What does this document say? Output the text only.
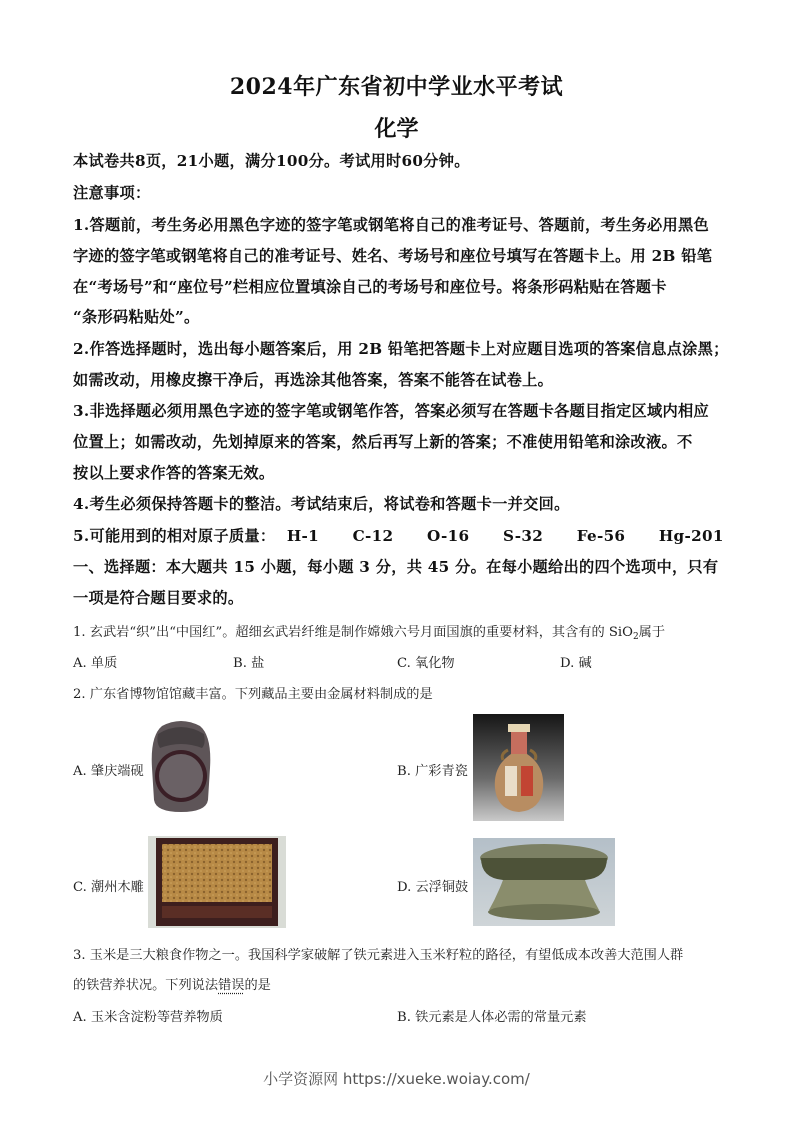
2024年广东省初中学业水平考试
化学
本试卷共8页，21小题，满分100分。考试用时60分钟。
注意事项：
1.答题前，考生务必用黑色字迹的签字笔或钢笔将自己的准考证号、答题前，考生务必用黑色
字迹的签字笔或钢笔将自己的准考证号、姓名、考场号和座位号填写在答题卡上。用 2B 铅笔
在“考场号”和“座位号”栏相应位置填涂自己的考场号和座位号。将条形码粘贴在答题卡
“条形码粘贴处”。
2.作答选择题时，选出每小题答案后，用 2B 铅笔把答题卡上对应题目选项的答案信息点涂黑；
如需改动，用橡皮擦干净后，再选涂其他答案，答案不能答在试卷上。
3.非选择题必须用黑色字迹的签字笔或钢笔作答，答案必须写在答题卡各题目指定区域内相应
位置上；如需改动，先划掉原来的答案，然后再写上新的答案；不准使用铅笔和涂改液。不
按以上要求作答的答案无效。
4.考生必须保持答题卡的整洁。考试结束后，将试卷和答题卡一并交回。
5.可能用到的相对原子质量： H-1 C-12 O-16 S-32 Fe-56 Hg-201
一、选择题：本大题共 15 小题，每小题 3 分，共 45 分。在每小题给出的四个选项中，只有
一项是符合题目要求的。
1. 玄武岩“织”出“中国红”。超细玄武岩纤维是制作嫦娥六号月面国旗的重要材料，其含有的 SiO$_2$属于
A. 单质	B. 盐	C. 氧化物	D. 碱
2. 广东省博物馆馆藏丰富。下列藏品主要由金属材料制成的是
A. 肇庆端砚	B. 广彩青瓷
C. 潮州木雕	D. 云浮铜鼓
3. 玉米是三大粮食作物之一。我国科学家破解了铁元素进入玉米籽粒的路径，有望低成本改善大范围人群
的铁营养状况。下列说法错误的是
A. 玉米含淀粉等营养物质	B. 铁元素是人体必需的常量元素
小学资源网 https://xueke.woiay.com/
